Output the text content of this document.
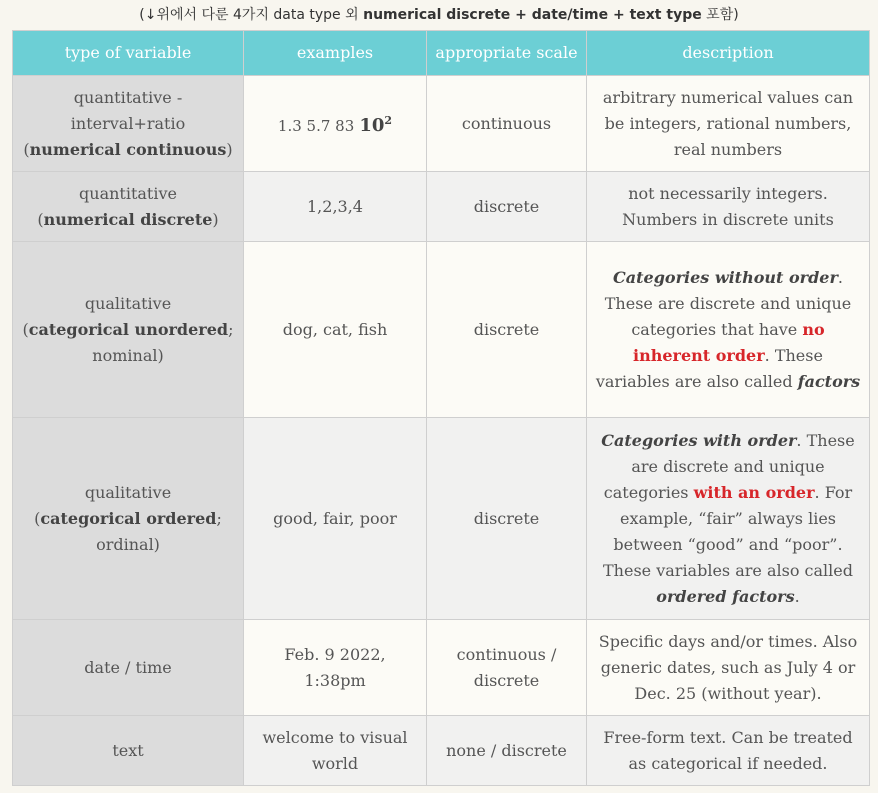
(↓위에서 다룬 4가지 data type 외 numerical discrete + date/time + text type 포함)
type of variable	examples	appropriate scale	description

quantitative -
interval+ratio
(numerical continuous)	1.3 5.7 83 $10^2$	continuous	arbitrary numerical values can be integers, rational numbers, real numbers

quantitative
(numerical discrete)	1,2,3,4	discrete	not necessarily integers. Numbers in discrete units

qualitative
(categorical unordered;
nominal)	dog, cat, fish	discrete	Categories without order. These are discrete and unique categories that have no inherent order. These variables are also called factors

qualitative
(categorical ordered;
ordinal)	good, fair, poor	discrete	Categories with order. These are discrete and unique categories with an order. For example, “fair” always lies between “good” and “poor”. These variables are also called ordered factors.
date / time	Feb. 9 2022, 1:38pm	continuous / discrete	Specific days and/or times. Also generic dates, such as July 4 or Dec. 25 (without year).
text	welcome to visual world	none / discrete	Free-form text. Can be treated as categorical if needed.
